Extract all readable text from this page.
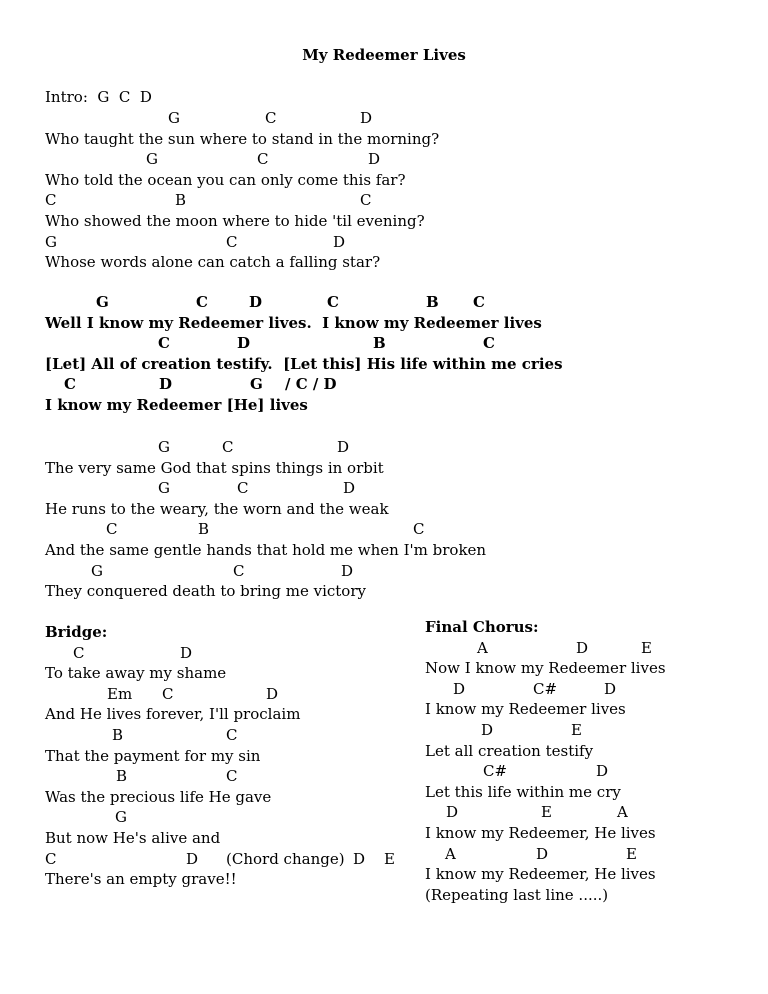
My Redeemer Lives
Intro:  G  C  D
G	C	D
Who taught the sun where to stand in the morning?
G	C	D
Who told the ocean you can only come this far?
C	B	C
Who showed the moon where to hide 'til evening?
G	C	D
Whose words alone can catch a falling star?
G	C	D	C	B C
Well I know my Redeemer lives.  I know my Redeemer lives
C	D	B	C
[Let] All of creation testify.  [Let this] His life within me cries
C	D	G / C / D
I know my Redeemer [He] lives
G	C	D
The very same God that spins things in orbit
G	C	D
He runs to the weary, the worn and the weak
C	B	C
And the same gentle hands that hold me when I'm broken
G	C	D
They conquered death to bring me victory
Bridge:
C	D
To take away my shame
Em C	D
And He lives forever, I'll proclaim
B	C
That the payment for my sin
B	C
Was the precious life He gave
G
But now He's alive and
C	D (Chord change) D E
There's an empty grave!!
Final Chorus:
A	D	E
Now I know my Redeemer lives
D	C#	D
I know my Redeemer lives
D	E
Let all creation testify
C#	D
Let this life within me cry
D	E	A
I know my Redeemer, He lives
A	D	E
I know my Redeemer, He lives
(Repeating last line .....)
